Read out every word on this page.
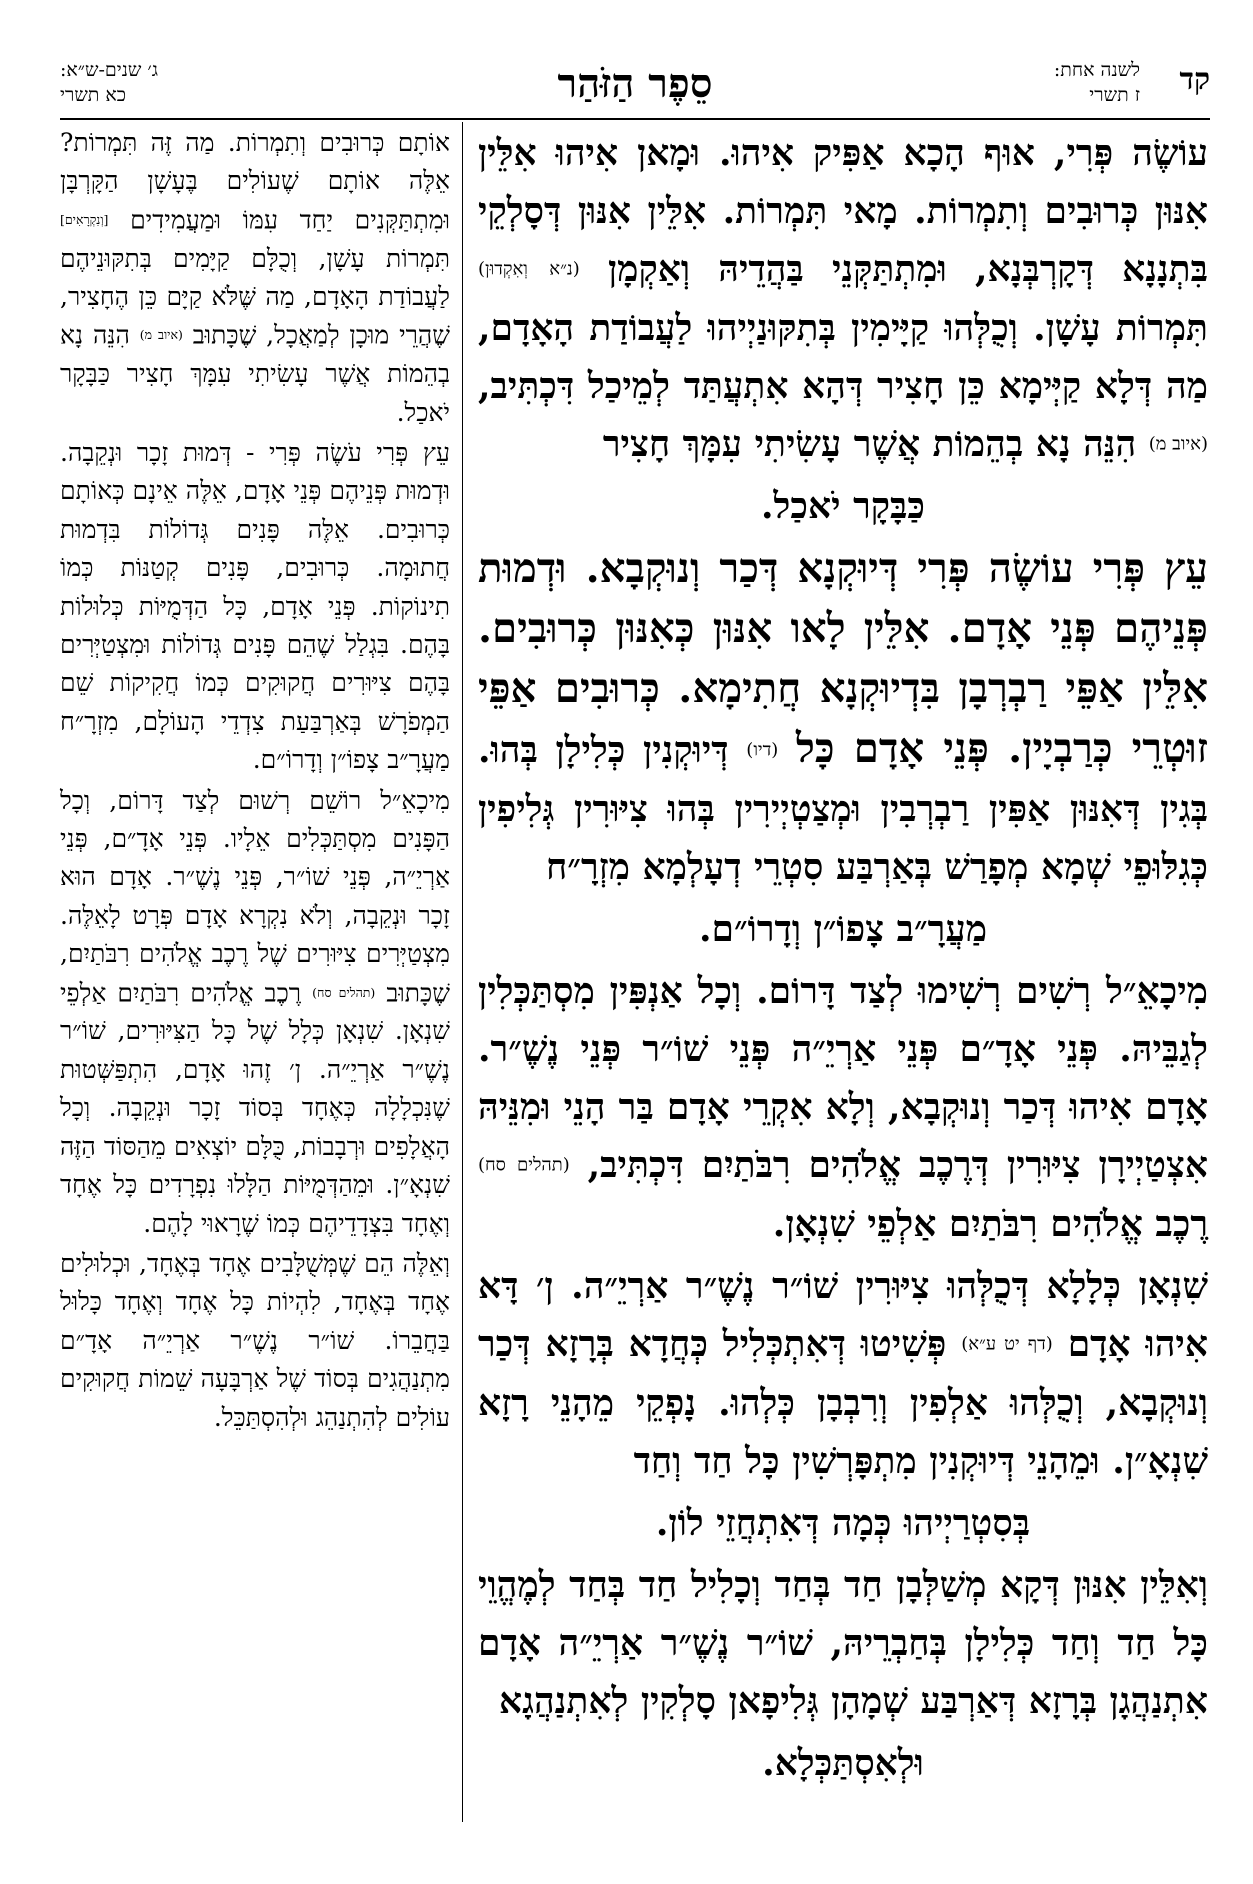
ג׳ שנים-ש״א:
כא תשרי	סֵפֶר הַזֹּהַר	לשנה אחת:
ז תשרי קד

עוֹשֶׂה פְּרִי, אוּף הָכָא אַפִּיק אִיהוּ. וּמָאן אִיהוּ אִלֵּין אִנּוּן כְּרוּבִים וְתִמְרוֹת. מָאי תִּמְרוֹת. אִלֵּין אִנּוּן דְּסָלְקֵי בִּתְנָנָא דְּקָרְבְּנָא, וּמִתְתַּקְּנֵי בַּהֲדֵיהּ וְאַקְמָן (נ״א וְאִקְדוּן) תִּמְרוֹת עָשָׁן. וְכֻלְּהוּ קַיָּימִין בְּתִקּוּנַיְיהוּ לַעֲבוֹדַת הָאָדָם, מַה דְּלָא קַיְּימָא כֵּן חָצִיר דְּהָא אִתְעֲתַּד לְמֵיכַל דִּכְתִּיב, (איוב מ) הִנֵּה נָא בְהֵמוֹת אֲשֶׁר עָשִׂיתִי עִמָּךְ חָצִיר

כַּבָּקָר יֹאכַל.

עֵץ פְּרִי עוֹשֶׂה פְּרִי דְּיוּקְנָא דְּכַר וְנוּקְבָא. וּדְמוּת פְּנֵיהֶם פְּנֵי אָדָם. אִלֵּין לָאו אִנּוּן כְּאִנּוּן כְּרוּבִים. אִלֵּין אַפֵּי רַבְרְבָן בִּדְיוּקְנָא חֲתִימָא. כְּרוּבִים אַפֵּי זוּטְרֵי כְּרַבְיָין. פְּנֵי אָדָם כָּל (דיו) דְּיוּקְנִין כְּלִילָן בְּהוּ. בְּגִין דְּאִנּוּן אַפִּין רַבְרְבִין וּמְצַטְיְירִין בְּהוּ צִיּוּרִין גְּלִיפִין כְּגִלּוּפֵי שְׁמָא מְפָרַשׁ בְּאַרְבַּע סִטְרֵי דְעָלְמָא מִזְרָ״ח

מַעֲרָ״ב צָפוֹ״ן וְדָרוֹ״ם.

מִיכָאֵ״ל רְשִׁים רְשִׁימוּ לְצַד דָּרוֹם. וְכָל אַנְפִּין מִסְתַּכְּלִין לְגַבֵּיהּ. פְּנֵי אָדָ״ם פְּנֵי אַרְיֵ״ה פְּנֵי שׁוֹ״ר פְּנֵי נֶשֶׁ״ר. אָדָם אִיהוּ דְּכַר וְנוּקְבָא, וְלָא אִקְרֵי אָדָם בַּר הָנֵי וּמִנֵּיהּ אִצְטַיְירָן צִיּוּרִין דְּרֶכֶב אֱלֹהִים רִבֹּתַיִם דִּכְתִּיב, (תהלים סח) רֶכֶב אֱלֹהִים רִבֹּתַיִם אַלְפֵי שִׁנְאָן.

שִׁנְאָן כְּלָלָא דְּכֻלְּהוּ צִיּוּרִין שׁוֹ״ר נֶשֶׁ״ר אַרְיֵ״ה. ן׳ דָּא אִיהוּ אָדָם (דף יט ע״א) פְּשִׁיטוּ דְּאִתְכְּלִיל כְּחֲדָא בְּרָזָא דְּכַר וְנוּקְבָא, וְכֻלְּהוּ אַלְפִין וְרִבְבָן כְּלְהוּ. נָפְקֵי מֵהָנֵי רָזָא שִׁנְאָ״ן. וּמֵהָנֵי דְּיוּקְנִין מִתְפָּרְשִׁין כָּל חַד וְחַד

בְּסִטְרַיְיהוּ כְּמָה דְּאִתְחֲזֵי לוֹן.

וְאִלֵּין אִנּוּן דְּקָא מְשַׁלְּבָן חַד בְּחַד וְכָלִיל חַד בְּחַד לְמֶהֱוֵי כָּל חַד וְחַד כְּלִילָן בְּחַבְרֵיהּ, שׁוֹ״ר נֶשֶׁ״ר אַרְיֵ״ה אָדָם אִתְנַהֲגָן בְּרָזָא דְּאַרְבַּע שְׁמָהָן גְּלִיפָאן סָלְקִין לְאִתְנַהֲגָא

וּלְאִסְתַּכְּלָא.

אוֹתָם כְּרוּבִים וְתִמְרוֹת. מַה זֶּה תִּמְרוֹת? אֵלֶּה אוֹתָם שֶׁעוֹלִים בֶּעָשָׁן הַקָּרְבָּן וּמִתְתַּקְּנִים יַחַד עִמּוֹ וּמַעֲמִידִים [וְנִקְרָאִים] תִּמְרוֹת עָשָׁן, וְכֻלָּם קַיָּמִים בְּתִקּוּנֵיהֶם לַעֲבוֹדַת הָאָדָם, מַה שֶּׁלֹּא קַיָּם כֵּן הֶחָצִיר, שֶׁהֲרֵי מוּכָן לְמַאֲכָל, שֶׁכָּתוּב (איוב מ) הִנֵּה נָא בְהֵמוֹת אֲשֶׁר עָשִׂיתִי עִמָּךְ חָצִיר כַּבָּקָר יֹאכַל.

עֵץ פְּרִי עֹשֶׂה פְּרִי - דְּמוּת זָכָר וּנְקֵבָה. וּדְמוּת פְּנֵיהֶם פְּנֵי אָדָם, אֵלֶּה אֵינָם כְּאוֹתָם כְּרוּבִים. אֵלֶּה פָּנִים גְּדוֹלוֹת בִּדְמוּת חֲתוּמָה. כְּרוּבִים, פָּנִים קְטַנּוֹת כְּמוֹ תִינוֹקוֹת. פְּנֵי אָדָם, כָּל הַדְּמֻיּוֹת כְּלוּלוֹת בָּהֶם. בִּגְלַל שֶׁהֵם פָּנִים גְּדוֹלוֹת וּמִצְטַיְּרִים בָּהֶם צִיּוּרִים חֲקוּקִים כְּמוֹ חֲקִיקוֹת שֵׁם הַמְפֹרָשׁ בְּאַרְבַּעַת צִדְדֵי הָעוֹלָם, מִזְרָ״ח מַעֲרָ״ב צָפוֹ״ן וְדָרוֹ״ם.

מִיכָאֵ״ל רוֹשֵׁם רְשׁוּם לְצַד דָּרוֹם, וְכָל הַפָּנִים מִסְתַּכְּלִים אֵלָיו. פְּנֵי אָדָ״ם, פְּנֵי אַרְיֵ״ה, פְּנֵי שׁוֹ״ר, פְּנֵי נֶשֶׁ״ר. אָדָם הוּא זָכָר וּנְקֵבָה, וְלֹא נִקְרָא אָדָם פְּרָט לָאֵלֶּה. מִצְטַיְּרִים צִיּוּרִים שֶׁל רֶכֶב אֱלֹהִים רִבֹּתַיִם, שֶׁכָּתוּב (תהלים סח) רֶכֶב אֱלֹהִים רִבֹּתַיִם אַלְפֵי שִׁנְאָן. שִׁנְאָן כְּלָל שֶׁל כָּל הַצִּיּוּרִים, שׁוֹ״ר נֶשֶׁ״ר אַרְיֵ״ה. ן׳ זֶהוּ אָדָם, הִתְפַּשְּׁטוּת שֶׁנִּכְלָלָה כְּאֶחָד בְּסוֹד זָכָר וּנְקֵבָה. וְכָל הָאֲלָפִים וּרְבָבוֹת, כֻּלָּם יוֹצְאִים מֵהַסּוֹד הַזֶּה שִׁנְאָ״ן. וּמֵהַדְּמֻיּוֹת הַלָּלוּ נִפְרָדִים כָּל אֶחָד וְאֶחָד בִּצְדָדֵיהֶם כְּמוֹ שֶׁרָאוּי לָהֶם.

וְאֵלֶּה הֵם שֶׁמְּשֻׁלָּבִים אֶחָד בְּאֶחָד, וּכְלוּלִים אֶחָד בְּאֶחָד, לִהְיוֹת כָּל אֶחָד וְאֶחָד כָּלוּל בַּחֲבֵרוֹ. שׁוֹ״ר נֶשֶׁ״ר אַרְיֵ״ה אָדָ״ם מִתְנַהֲגִים בְּסוֹד שֶׁל אַרְבָּעָה שֵׁמוֹת חֲקוּקִים עוֹלִים לְהִתְנַהֵג וּלְהִסְתַּכֵּל.
